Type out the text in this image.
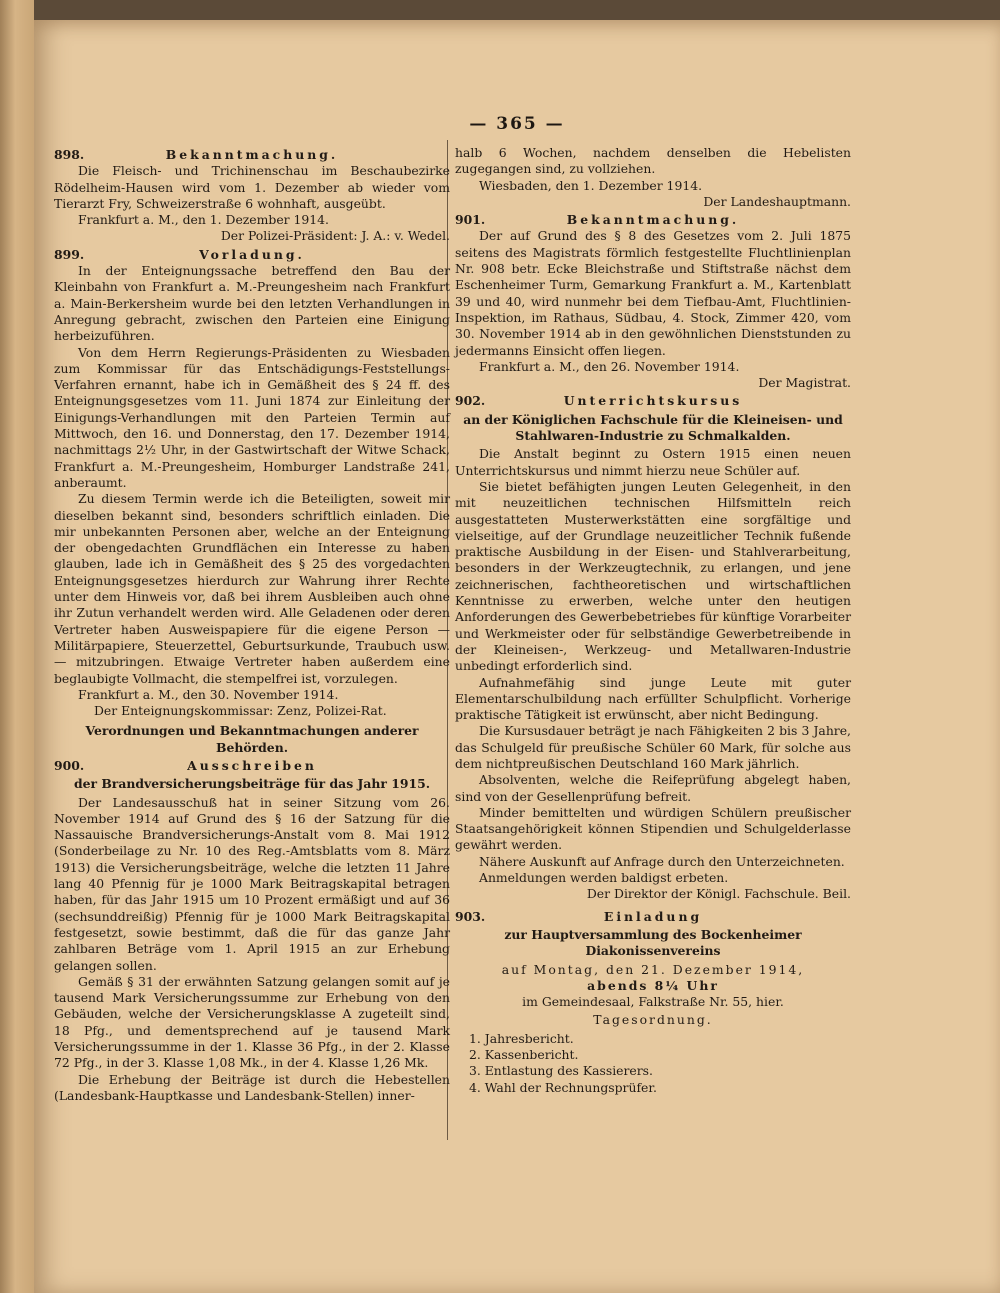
— 365 —
898.	Bekanntmachung.

Die Fleisch- und Trichinenschau im Beschaubezirke Rödelheim-Hausen wird vom 1. Dezember ab wieder vom Tierarzt Fry, Schweizerstraße 6 wohnhaft, ausgeübt.

Frankfurt a. M., den 1. Dezember 1914.

Der Polizei-Präsident: J. A.: v. Wedel.

899.	Vorladung.

In der Enteignungssache betreffend den Bau der Kleinbahn von Frankfurt a. M.-Preungesheim nach Frankfurt a. Main-Berkersheim wurde bei den letzten Verhandlungen in Anregung gebracht, zwischen den Parteien eine Einigung herbeizuführen.

Von dem Herrn Regierungs-Präsidenten zu Wiesbaden zum Kommissar für das Entschädigungs-Feststellungs-Verfahren ernannt, habe ich in Gemäßheit des § 24 ff. des Enteignungsgesetzes vom 11. Juni 1874 zur Einleitung der Einigungs-Verhandlungen mit den Parteien Termin auf Mittwoch, den 16. und Donnerstag, den 17. Dezember 1914, nachmittags 2½ Uhr, in der Gastwirtschaft der Witwe Schack, Frankfurt a. M.-Preungesheim, Homburger Landstraße 241, anberaumt.

Zu diesem Termin werde ich die Beteiligten, soweit mir dieselben bekannt sind, besonders schriftlich einladen. Die mir unbekannten Personen aber, welche an der Enteignung der obengedachten Grundflächen ein Interesse zu haben glauben, lade ich in Gemäßheit des § 25 des vorgedachten Enteignungsgesetzes hierdurch zur Wahrung ihrer Rechte unter dem Hinweis vor, daß bei ihrem Ausbleiben auch ohne ihr Zutun verhandelt werden wird. Alle Geladenen oder deren Vertreter haben Ausweispapiere für die eigene Person — Militärpapiere, Steuerzettel, Geburtsurkunde, Traubuch usw. — mitzubringen. Etwaige Vertreter haben außerdem eine beglaubigte Vollmacht, die stempelfrei ist, vorzulegen.

Frankfurt a. M., den 30. November 1914.

Der Enteignungskommissar: Zenz, Polizei-Rat.

Verordnungen und Bekanntmachungen anderer Behörden.
900.	Ausschreiben
der Brandversicherungsbeiträge für das Jahr 1915.

Der Landesausschuß hat in seiner Sitzung vom 26. November 1914 auf Grund des § 16 der Satzung für die Nassauische Brandversicherungs-Anstalt vom 8. Mai 1912 (Sonderbeilage zu Nr. 10 des Reg.-Amtsblatts vom 8. März 1913) die Versicherungsbeiträge, welche die letzten 11 Jahre lang 40 Pfennig für je 1000 Mark Beitragskapital betragen haben, für das Jahr 1915 um 10 Prozent ermäßigt und auf 36 (sechsunddreißig) Pfennig für je 1000 Mark Beitragskapital festgesetzt, sowie bestimmt, daß die für das ganze Jahr zahlbaren Beträge vom 1. April 1915 an zur Erhebung gelangen sollen.

Gemäß § 31 der erwähnten Satzung gelangen somit auf je tausend Mark Versicherungssumme zur Erhebung von den Gebäuden, welche der Versicherungsklasse A zugeteilt sind, 18 Pfg., und dementsprechend auf je tausend Mark Versicherungssumme in der 1. Klasse 36 Pfg., in der 2. Klasse 72 Pfg., in der 3. Klasse 1,08 Mk., in der 4. Klasse 1,26 Mk.

Die Erhebung der Beiträge ist durch die Hebestellen (Landesbank-Hauptkasse und Landesbank-Stellen) inner-

halb 6 Wochen, nachdem denselben die Hebelisten zugegangen sind, zu vollziehen.

Wiesbaden, den 1. Dezember 1914.

Der Landeshauptmann.

901.	Bekanntmachung.

Der auf Grund des § 8 des Gesetzes vom 2. Juli 1875 seitens des Magistrats förmlich festgestellte Fluchtlinienplan Nr. 908 betr. Ecke Bleichstraße und Stiftstraße nächst dem Eschenheimer Turm, Gemarkung Frankfurt a. M., Kartenblatt 39 und 40, wird nunmehr bei dem Tiefbau-Amt, Fluchtlinien-Inspektion, im Rathaus, Südbau, 4. Stock, Zimmer 420, vom 30. November 1914 ab in den gewöhnlichen Dienststunden zu jedermanns Einsicht offen liegen.

Frankfurt a. M., den 26. November 1914.

Der Magistrat.

902.	Unterrichtskursus
an der Königlichen Fachschule für die Kleineisen- und Stahlwaren-Industrie zu Schmalkalden.

Die Anstalt beginnt zu Ostern 1915 einen neuen Unterrichtskursus und nimmt hierzu neue Schüler auf.

Sie bietet befähigten jungen Leuten Gelegenheit, in den mit neuzeitlichen technischen Hilfsmitteln reich ausgestatteten Musterwerkstätten eine sorgfältige und vielseitige, auf der Grundlage neuzeitlicher Technik fußende praktische Ausbildung in der Eisen- und Stahlverarbeitung, besonders in der Werkzeugtechnik, zu erlangen, und jene zeichnerischen, fachtheoretischen und wirtschaftlichen Kenntnisse zu erwerben, welche unter den heutigen Anforderungen des Gewerbebetriebes für künftige Vorarbeiter und Werkmeister oder für selbständige Gewerbetreibende in der Kleineisen-, Werkzeug- und Metallwaren-Industrie unbedingt erforderlich sind.

Aufnahmefähig sind junge Leute mit guter Elementarschulbildung nach erfüllter Schulpflicht. Vorherige praktische Tätigkeit ist erwünscht, aber nicht Bedingung.

Die Kursusdauer beträgt je nach Fähigkeiten 2 bis 3 Jahre, das Schulgeld für preußische Schüler 60 Mark, für solche aus dem nichtpreußischen Deutschland 160 Mark jährlich.

Absolventen, welche die Reifeprüfung abgelegt haben, sind von der Gesellenprüfung befreit.

Minder bemittelten und würdigen Schülern preußischer Staatsangehörigkeit können Stipendien und Schulgelderlasse gewährt werden.

Nähere Auskunft auf Anfrage durch den Unterzeichneten.

Anmeldungen werden baldigst erbeten.

Der Direktor der Königl. Fachschule. Beil.

903.	Einladung
zur Hauptversammlung des Bockenheimer Diakonissenvereins

auf Montag, den 21. Dezember 1914,

abends 8¼ Uhr

im Gemeindesaal, Falkstraße Nr. 55, hier.

Tagesordnung.

1. Jahresbericht.

2. Kassenbericht.

3. Entlastung des Kassierers.

4. Wahl der Rechnungsprüfer.
